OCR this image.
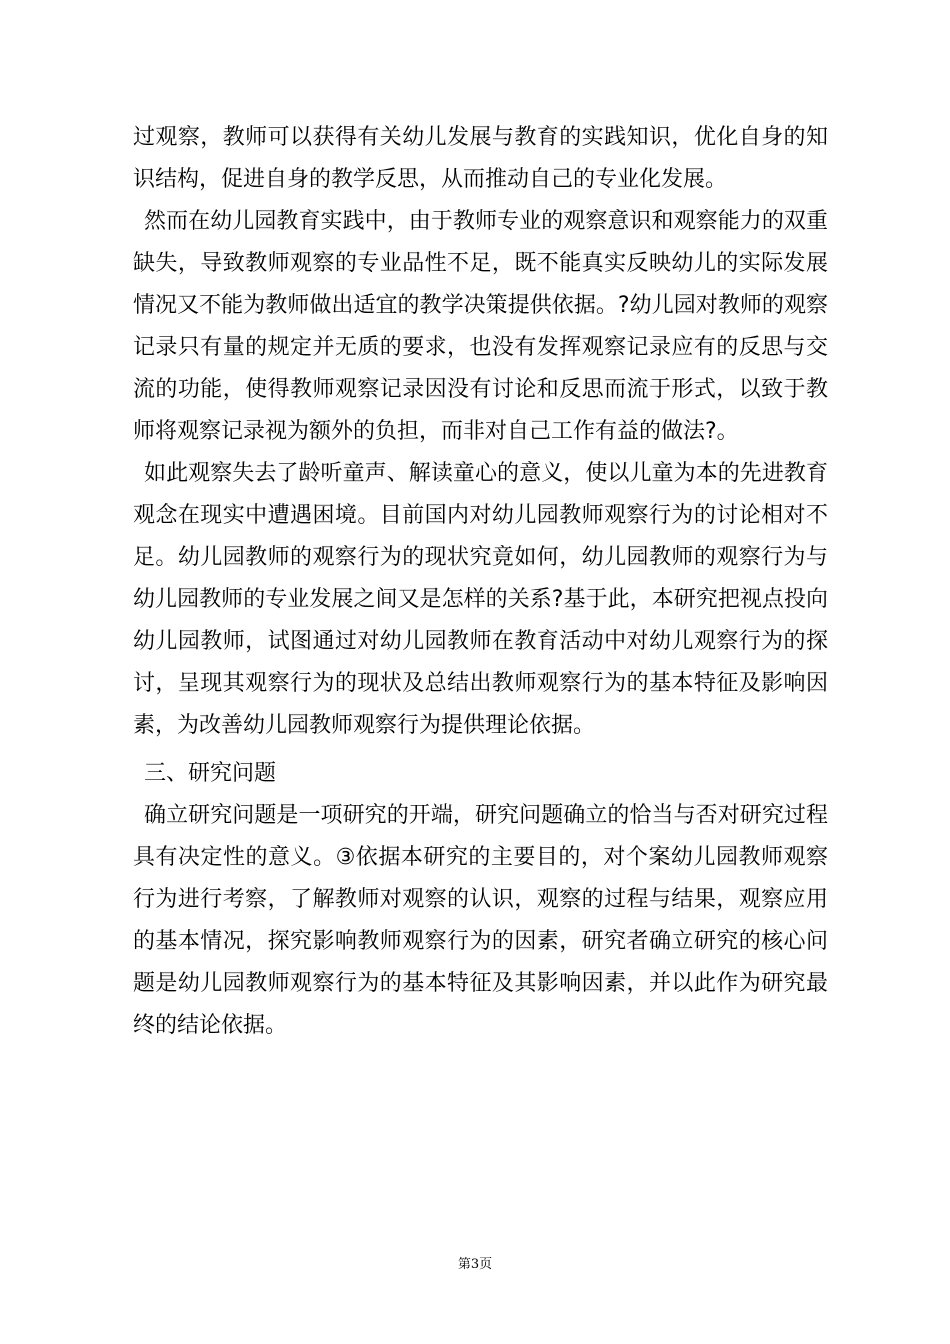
过观察，教师可以获得有关幼儿发展与教育的实践知识，优化自身的知识结构，促进自身的教学反思，从而推动自己的专业化发展。

然而在幼儿园教育实践中，由于教师专业的观察意识和观察能力的双重缺失，导致教师观察的专业品性不足，既不能真实反映幼儿的实际发展情况又不能为教师做出适宜的教学决策提供依据。?幼儿园对教师的观察记录只有量的规定并无质的要求，也没有发挥观察记录应有的反思与交流的功能，使得教师观察记录因没有讨论和反思而流于形式，以致于教师将观察记录视为额外的负担，而非对自己工作有益的做法?。

如此观察失去了龄听童声、解读童心的意义，使以儿童为本的先进教育观念在现实中遭遇困境。目前国内对幼儿园教师观察行为的讨论相对不足。幼儿园教师的观察行为的现状究竟如何，幼儿园教师的观察行为与幼儿园教师的专业发展之间又是怎样的关系?基于此，本研究把视点投向幼儿园教师，试图通过对幼儿园教师在教育活动中对幼儿观察行为的探讨，呈现其观察行为的现状及总结出教师观察行为的基本特征及影响因素，为改善幼儿园教师观察行为提供理论依据。

三、研究问题

确立研究问题是一项研究的开端，研究问题确立的恰当与否对研究过程具有决定性的意义。③依据本研究的主要目的，对个案幼儿园教师观察行为进行考察，了解教师对观察的认识，观察的过程与结果，观察应用的基本情况，探究影响教师观察行为的因素，研究者确立研究的核心问题是幼儿园教师观察行为的基本特征及其影响因素，并以此作为研究最终的结论依据。

第3页
